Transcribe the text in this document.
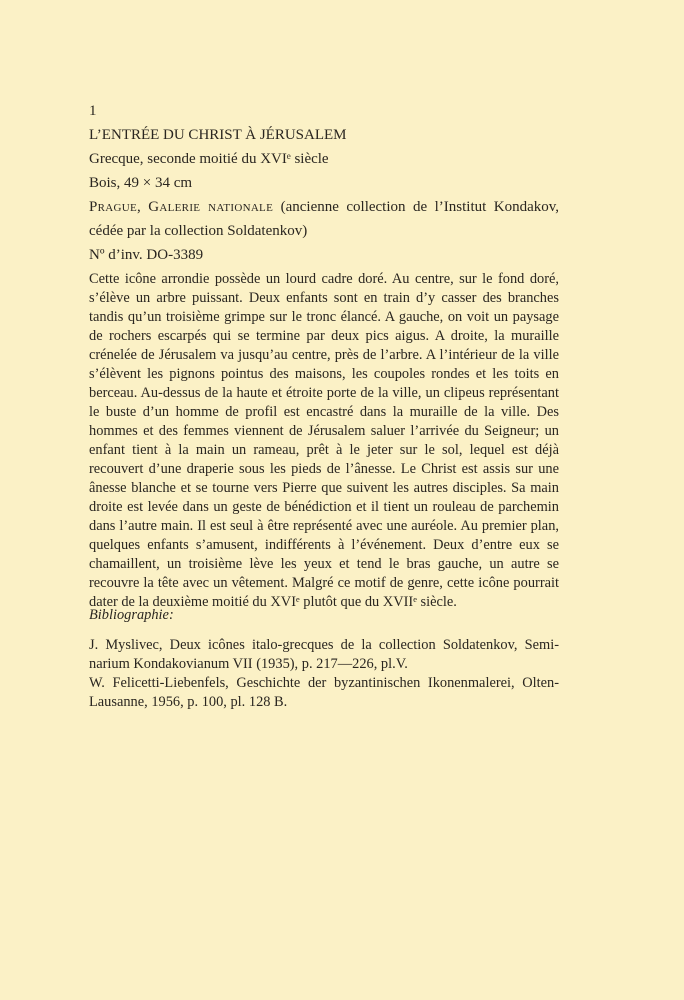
1
L’ENTRÉE DU CHRIST À JÉRUSALEM
Grecque, seconde moitié du XVIᵉ siècle
Bois, 49 × 34 cm
Prague, Galerie nationale (ancienne collection de l’Institut Kondakov, cédée par la collection Soldatenkov)
Nº d’inv. DO-3389
Cette icône arrondie possède un lourd cadre doré. Au centre, sur le fond doré, s’élève un arbre puissant. Deux enfants sont en train d’y casser des branches tandis qu’un troisième grimpe sur le tronc élancé. A gauche, on voit un paysage de rochers escarpés qui se termine par deux pics aigus. A droite, la muraille crénelée de Jérusalem va jusqu’au centre, près de l’arbre. A l’intérieur de la ville s’élèvent les pignons pointus des maisons, les coupoles rondes et les toits en berceau. Au-dessus de la haute et étroite porte de la ville, un clipeus représentant le buste d’un homme de profil est encastré dans la muraille de la ville. Des hommes et des femmes viennent de Jérusalem saluer l’arrivée du Seigneur; un enfant tient à la main un rameau, prêt à le jeter sur le sol, lequel est déjà recouvert d’une draperie sous les pieds de l’ânesse. Le Christ est assis sur une ânesse blanche et se tourne vers Pierre que suivent les autres disciples. Sa main droite est levée dans un geste de bénédiction et il tient un rouleau de parchemin dans l’autre main. Il est seul à être représenté avec une auréole. Au premier plan, quelques enfants s’amusent, indifférents à l’événement. Deux d’entre eux se chamaillent, un troisième lève les yeux et tend le bras gauche, un autre se recouvre la tête avec un vêtement. Malgré ce motif de genre, cette icône pourrait dater de la deuxième moitié du XVIᵉ plutôt que du XVIIᵉ siècle.
Bibliographie:

J. Myslivec, Deux icônes italo-grecques de la collection Soldatenkov, Seminarium Kondakovianum VII (1935), p. 217—226, pl.V.

W. Felicetti-Liebenfels, Geschichte der byzantinischen Ikonenmalerei, Olten-Lausanne, 1956, p. 100, pl. 128 B.
